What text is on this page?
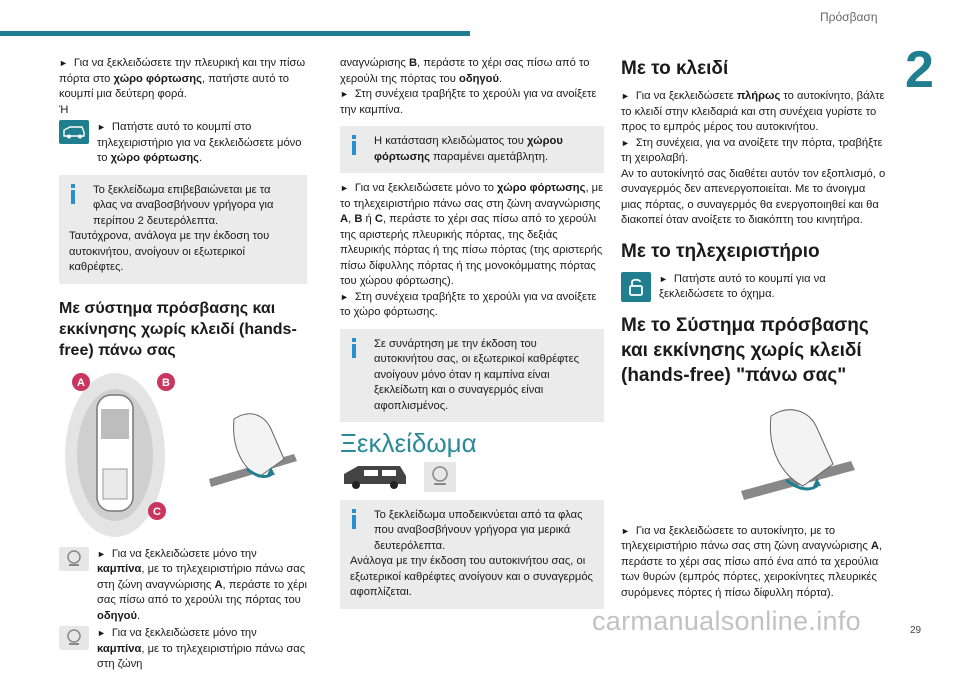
Πρόσβαση
2

► Για να ξεκλειδώσετε την πλευρική και την πίσω πόρτα στο χώρο φόρτωσης, πατήστε αυτό το κουμπί μια δεύτερη φορά.

Ή

► Πατήστε αυτό το κουμπί στο τηλεχειριστήριο για να ξεκλειδώσετε μόνο το χώρο φόρτωσης.

Το ξεκλείδωμα επιβεβαιώνεται με τα φλας να αναβοσβήνουν γρήγορα για περίπου 2 δευτερόλεπτα.

Ταυτόχρονα, ανάλογα με την έκδοση του αυτοκινήτου, ανοίγουν οι εξωτερικοί καθρέφτες.

Με σύστημα πρόσβασης και εκκίνησης χωρίς κλειδί (hands-free) πάνω σας
A	B
C

► Για να ξεκλειδώσετε μόνο την καμπίνα, με το τηλεχειριστήριο πάνω σας στη ζώνη αναγνώρισης A, περάστε το χέρι σας πίσω από το χερούλι της πόρτας του οδηγού.

► Για να ξεκλειδώσετε μόνο την καμπίνα, με το τηλεχειριστήριο πάνω σας στη ζώνη

αναγνώρισης B, περάστε το χέρι σας πίσω από το χερούλι της πόρτας του οδηγού.

► Στη συνέχεια τραβήξτε το χερούλι για να ανοίξετε την καμπίνα.

Η κατάσταση κλειδώματος του χώρου φόρτωσης παραμένει αμετάβλητη.

► Για να ξεκλειδώσετε μόνο το χώρο φόρτωσης, με το τηλεχειριστήριο πάνω σας στη ζώνη αναγνώρισης A, B ή C, περάστε το χέρι σας πίσω από το χερούλι της αριστερής πλευρικής πόρτας, της δεξιάς πλευρικής πόρτας ή της πίσω πόρτας (της αριστερής πίσω δίφυλλης πόρτας ή της μονοκόμματης πόρτας του χώρου φόρτωσης).

► Στη συνέχεια τραβήξτε το χερούλι για να ανοίξετε το χώρο φόρτωσης.

Σε συνάρτηση με την έκδοση του αυτοκινήτου σας, οι εξωτερικοί καθρέφτες ανοίγουν μόνο όταν η καμπίνα είναι ξεκλείδωτη και ο συναγερμός είναι αφοπλισμένος.

Ξεκλείδωμα

Το ξεκλείδωμα υποδεικνύεται από τα φλας που αναβοσβήνουν γρήγορα για μερικά δευτερόλεπτα.

Ανάλογα με την έκδοση του αυτοκινήτου σας, οι εξωτερικοί καθρέφτες ανοίγουν και ο συναγερμός αφοπλίζεται.

Με το κλειδί

► Για να ξεκλειδώσετε πλήρως το αυτοκίνητο, βάλτε το κλειδί στην κλειδαριά και στη συνέχεια γυρίστε το προς το εμπρός μέρος του αυτοκινήτου.

► Στη συνέχεια, για να ανοίξετε την πόρτα, τραβήξτε τη χειρολαβή.

Αν το αυτοκίνητό σας διαθέτει αυτόν τον εξοπλισμό, ο συναγερμός δεν απενεργοποιείται. Με το άνοιγμα μιας πόρτας, ο συναγερμός θα ενεργοποιηθεί και θα διακοπεί όταν ανοίξετε το διακόπτη του κινητήρα.

Με το τηλεχειριστήριο

► Πατήστε αυτό το κουμπί για να ξεκλειδώσετε το όχημα.

Με το Σύστημα πρόσβασης και εκκίνησης χωρίς κλειδί (hands-free) "πάνω σας"

► Για να ξεκλειδώσετε το αυτοκίνητο, με το τηλεχειριστήριο πάνω σας στη ζώνη αναγνώρισης A, περάστε το χέρι σας πίσω από ένα από τα χερούλια των θυρών (εμπρός πόρτες, χειροκίνητες πλευρικές συρόμενες πόρτες ή πίσω δίφυλλη πόρτα).

carmanualsonline.info	29
